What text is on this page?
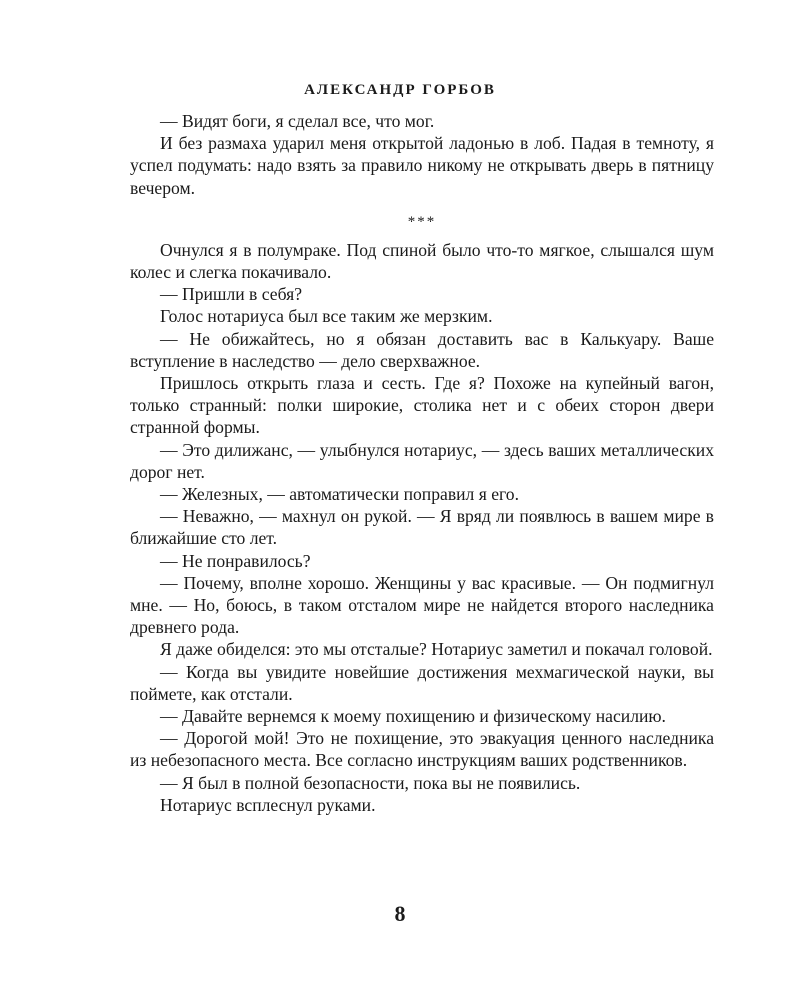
АЛЕКСАНДР ГОРБОВ

— Видят боги, я сделал все, что мог.

И без размаха ударил меня открытой ладонью в лоб. Падая в темноту, я успел подумать: надо взять за правило никому не открывать дверь в пятницу вечером.

***

Очнулся я в полумраке. Под спиной было что-то мягкое, слышался шум колес и слегка покачивало.

— Пришли в себя?

Голос нотариуса был все таким же мерзким.

— Не обижайтесь, но я обязан доставить вас в Калькуару. Ваше вступление в наследство — дело сверхважное.

Пришлось открыть глаза и сесть. Где я? Похоже на купейный вагон, только странный: полки широкие, столика нет и с обеих сторон двери странной формы.

— Это дилижанс, — улыбнулся нотариус, — здесь ваших металлических дорог нет.

— Железных, — автоматически поправил я его.

— Неважно, — махнул он рукой. — Я вряд ли появлюсь в вашем мире в ближайшие сто лет.

— Не понравилось?

— Почему, вполне хорошо. Женщины у вас красивые. — Он подмигнул мне. — Но, боюсь, в таком отсталом мире не найдется второго наследника древнего рода.

Я даже обиделся: это мы отсталые? Нотариус заметил и покачал головой.

— Когда вы увидите новейшие достижения мехмагической науки, вы поймете, как отстали.

— Давайте вернемся к моему похищению и физическому насилию.

— Дорогой мой! Это не похищение, это эвакуация ценного наследника из небезопасного места. Все согласно инструкциям ваших родственников.

— Я был в полной безопасности, пока вы не появились.

Нотариус всплеснул руками.

8
